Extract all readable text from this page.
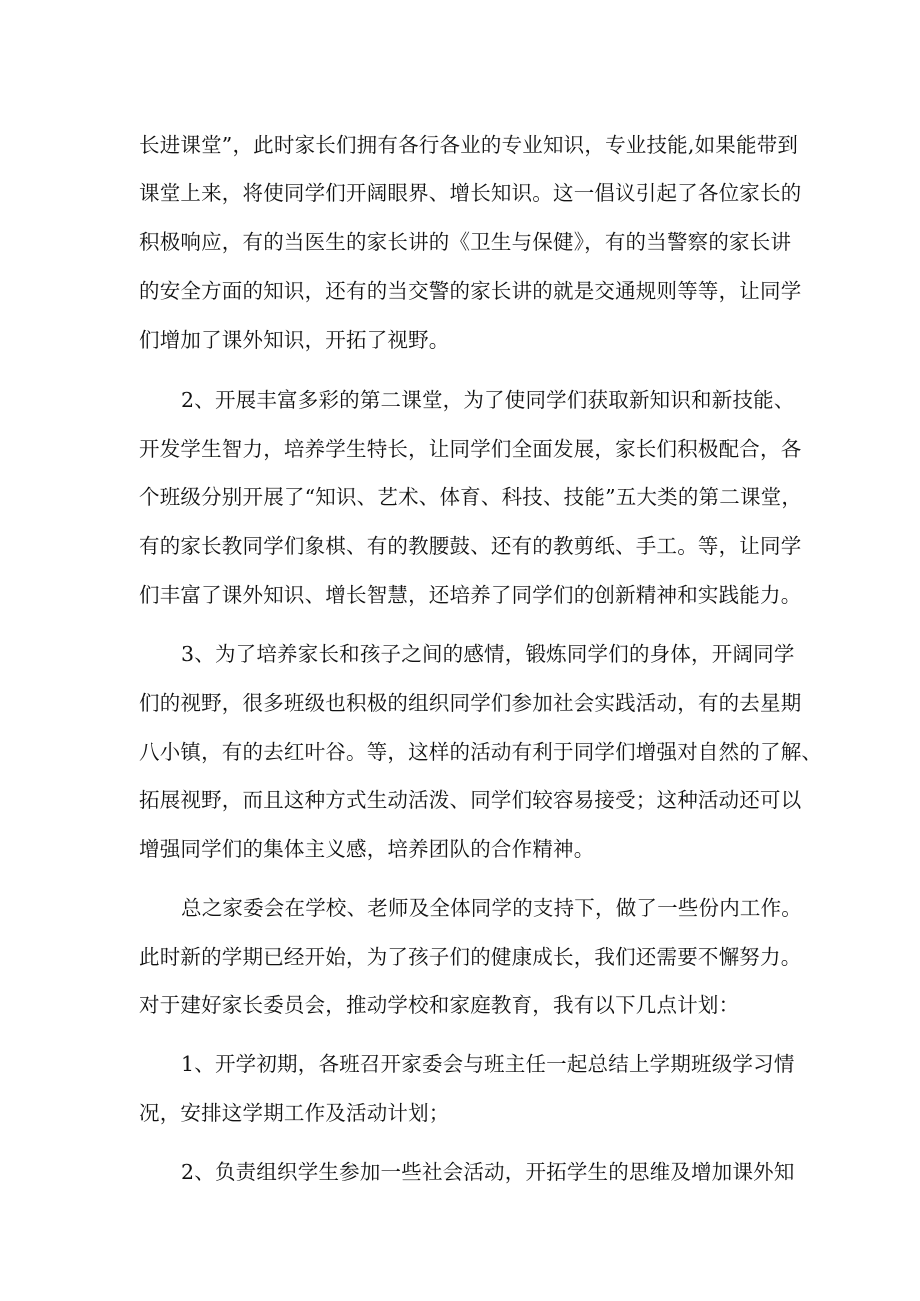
长进课堂”，此时家长们拥有各行各业的专业知识，专业技能,如果能带到
课堂上来，将使同学们开阔眼界、增长知识。这一倡议引起了各位家长的
积极响应，有的当医生的家长讲的《卫生与保健》，有的当警察的家长讲
的安全方面的知识，还有的当交警的家长讲的就是交通规则等等，让同学
们增加了课外知识，开拓了视野。
2、开展丰富多彩的第二课堂，为了使同学们获取新知识和新技能、
开发学生智力，培养学生特长，让同学们全面发展，家长们积极配合，各
个班级分别开展了“知识、艺术、体育、科技、技能”五大类的第二课堂，
有的家长教同学们象棋、有的教腰鼓、还有的教剪纸、手工。等，让同学
们丰富了课外知识、增长智慧，还培养了同学们的创新精神和实践能力。
3、为了培养家长和孩子之间的感情，锻炼同学们的身体，开阔同学
们的视野，很多班级也积极的组织同学们参加社会实践活动，有的去星期
八小镇，有的去红叶谷。等，这样的活动有利于同学们增强对自然的了解、
拓展视野，而且这种方式生动活泼、同学们较容易接受；这种活动还可以
增强同学们的集体主义感，培养团队的合作精神。
总之家委会在学校、老师及全体同学的支持下，做了一些份内工作。
此时新的学期已经开始，为了孩子们的健康成长，我们还需要不懈努力。
对于建好家长委员会，推动学校和家庭教育，我有以下几点计划：
1、开学初期，各班召开家委会与班主任一起总结上学期班级学习情
况，安排这学期工作及活动计划；
2、负责组织学生参加一些社会活动，开拓学生的思维及增加课外知
